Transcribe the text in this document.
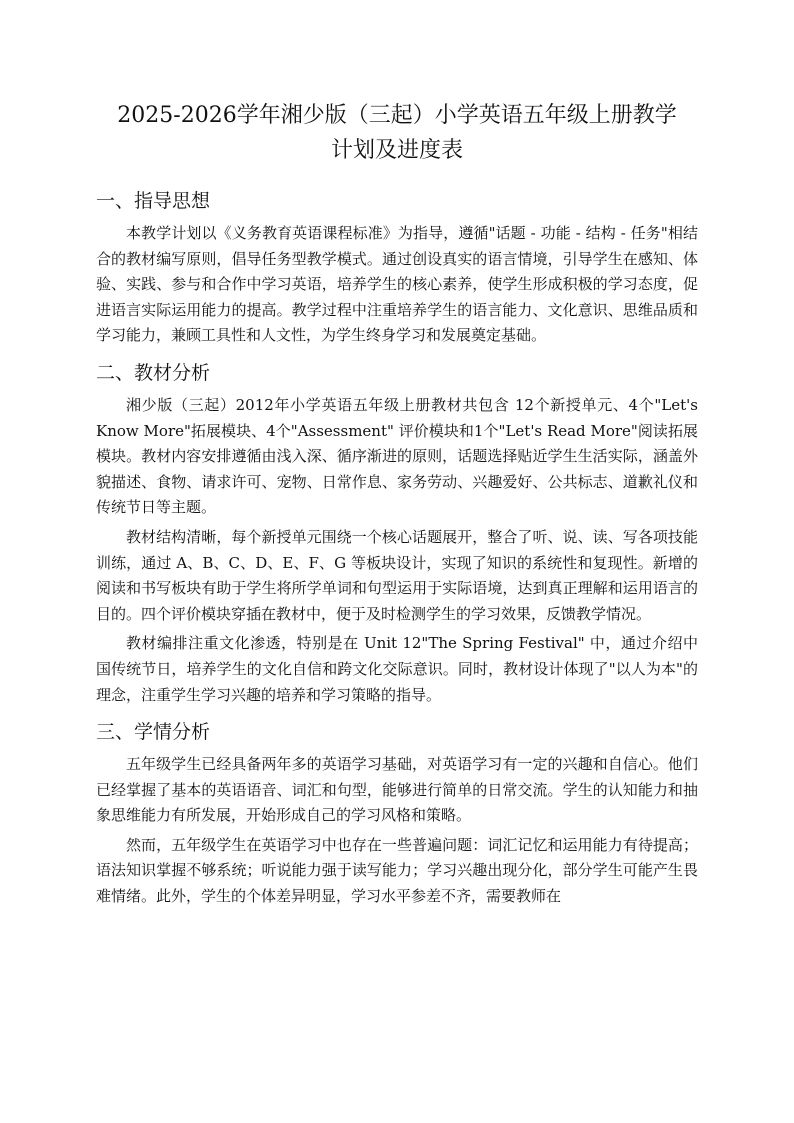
2025-2026学年湘少版（三起）小学英语五年级上册教学计划及进度表
一、指导思想

本教学计划以《义务教育英语课程标准》为指导，遵循"话题 - 功能 - 结构 - 任务"相结合的教材编写原则，倡导任务型教学模式。通过创设真实的语言情境，引导学生在感知、体验、实践、参与和合作中学习英语，培养学生的核心素养，使学生形成积极的学习态度，促进语言实际运用能力的提高。教学过程中注重培养学生的语言能力、文化意识、思维品质和学习能力，兼顾工具性和人文性，为学生终身学习和发展奠定基础。

二、教材分析

湘少版（三起）2012年小学英语五年级上册教材共包含 12个新授单元、4个"Let's Know More"拓展模块、4个"Assessment" 评价模块和1个"Let's Read More"阅读拓展模块。教材内容安排遵循由浅入深、循序渐进的原则，话题选择贴近学生生活实际，涵盖外貌描述、食物、请求许可、宠物、日常作息、家务劳动、兴趣爱好、公共标志、道歉礼仪和传统节日等主题。

教材结构清晰，每个新授单元围绕一个核心话题展开，整合了听、说、读、写各项技能训练，通过 A、B、C、D、E、F、G 等板块设计，实现了知识的系统性和复现性。新增的阅读和书写板块有助于学生将所学单词和句型运用于实际语境，达到真正理解和运用语言的目的。四个评价模块穿插在教材中，便于及时检测学生的学习效果，反馈教学情况。

教材编排注重文化渗透，特别是在 Unit 12"The Spring Festival" 中，通过介绍中国传统节日，培养学生的文化自信和跨文化交际意识。同时，教材设计体现了"以人为本"的理念，注重学生学习兴趣的培养和学习策略的指导。

三、学情分析

五年级学生已经具备两年多的英语学习基础，对英语学习有一定的兴趣和自信心。他们已经掌握了基本的英语语音、词汇和句型，能够进行简单的日常交流。学生的认知能力和抽象思维能力有所发展，开始形成自己的学习风格和策略。

然而，五年级学生在英语学习中也存在一些普遍问题：词汇记忆和运用能力有待提高；语法知识掌握不够系统；听说能力强于读写能力；学习兴趣出现分化，部分学生可能产生畏难情绪。此外，学生的个体差异明显，学习水平参差不齐，需要教师在
